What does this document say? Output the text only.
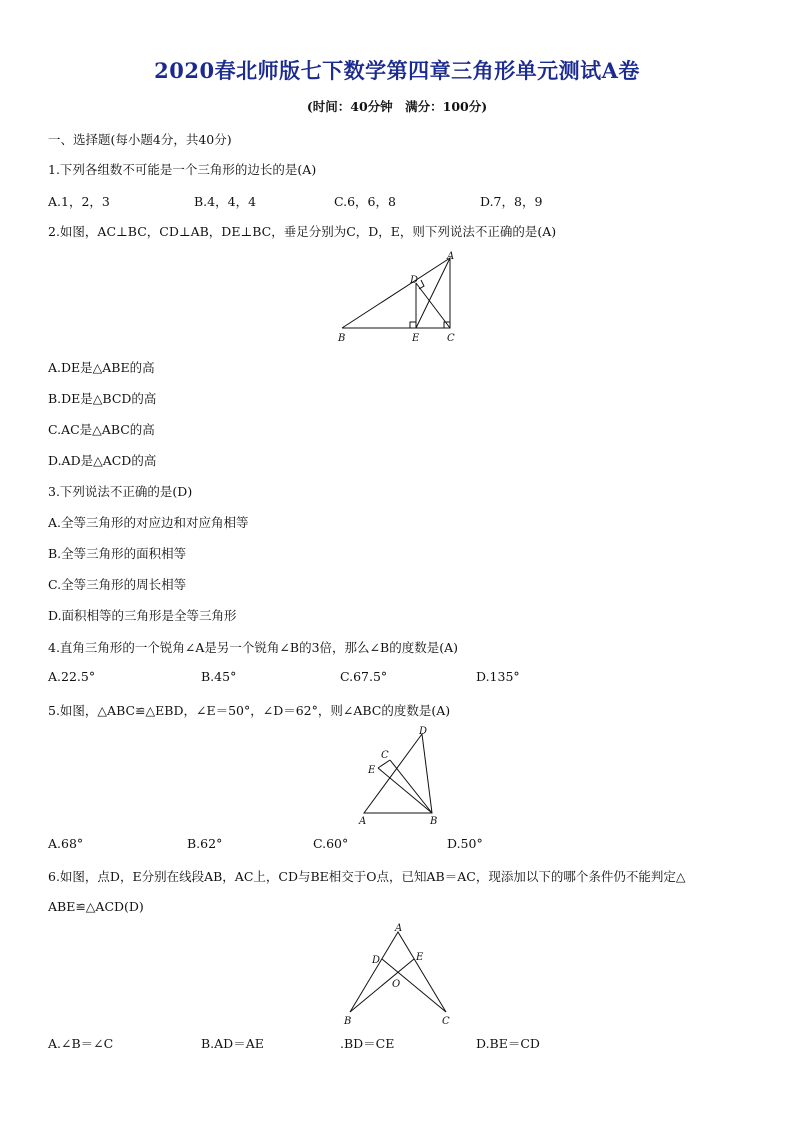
2020春北师版七下数学第四章三角形单元测试A卷
(时间：40分钟　满分：100分)
一、选择题(每小题4分，共40分)
1.下列各组数不可能是一个三角形的边长的是(A)
A.1，2，3	B.4，4，4	C.6，6，8	D.7，8，9
2.如图，AC⊥BC，CD⊥AB，DE⊥BC，垂足分别为C，D，E，则下列说法不正确的是(A)
A
D
B	E	C
A.DE是△ABE的高
B.DE是△BCD的高
C.AC是△ABC的高
D.AD是△ACD的高
3.下列说法不正确的是(D)
A.全等三角形的对应边和对应角相等
B.全等三角形的面积相等
C.全等三角形的周长相等
D.面积相等的三角形是全等三角形
4.直角三角形的一个锐角∠A是另一个锐角∠B的3倍，那么∠B的度数是(A)
A.22.5°	B.45°	C.67.5°	D.135°
5.如图，△ABC≌△EBD，∠E＝50°，∠D＝62°，则∠ABC的度数是(A)
D
C
E
A	B
A.68°	B.62°	C.60°	D.50°
6.如图，点D，E分别在线段AB，AC上，CD与BE相交于O点，已知AB＝AC，现添加以下的哪个条件仍不能判定△
ABE≌△ACD(D)
A
D	E
O
B	C
A.∠B＝∠C	B.AD＝AE	.BD＝CE	D.BE＝CD
